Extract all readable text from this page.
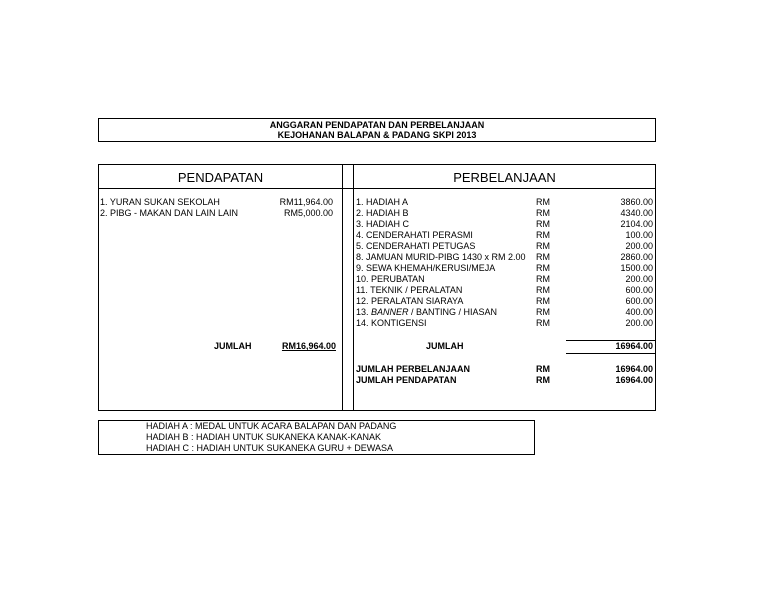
ANGGARAN PENDAPATAN DAN PERBELANJAAN
KEJOHANAN BALAPAN & PADANG SKPI 2013
PENDAPATAN
1. YURAN SUKAN SEKOLAH	RM11,964.00
2. PIBG - MAKAN DAN LAIN LAIN	RM5,000.00
JUMLAH	RM16,964.00
PERBELANJAAN
1. HADIAH A	RM	3860.00
2. HADIAH B	RM	4340.00
3. HADIAH C	RM	2104.00
4. CENDERAHATI PERASMI	RM	100.00
5. CENDERAHATI PETUGAS	RM	200.00
8. JAMUAN MURID-PIBG 1430 x RM 2.00 RM	2860.00
9. SEWA KHEMAH/KERUSI/MEJA	RM	1500.00
10. PERUBATAN	RM	200.00
11. TEKNIK / PERALATAN	RM	600.00
12. PERALATAN SIARAYA	RM	600.00
13. BANNER / BANTING / HIASAN	RM	400.00
14. KONTIGENSI	RM	200.00
JUMLAH	16964.00
JUMLAH PERBELANJAAN	RM	16964.00
JUMLAH PENDAPATAN	RM	16964.00
HADIAH A : MEDAL UNTUK ACARA BALAPAN DAN PADANG
HADIAH B : HADIAH UNTUK SUKANEKA KANAK-KANAK
HADIAH C : HADIAH UNTUK SUKANEKA GURU + DEWASA
